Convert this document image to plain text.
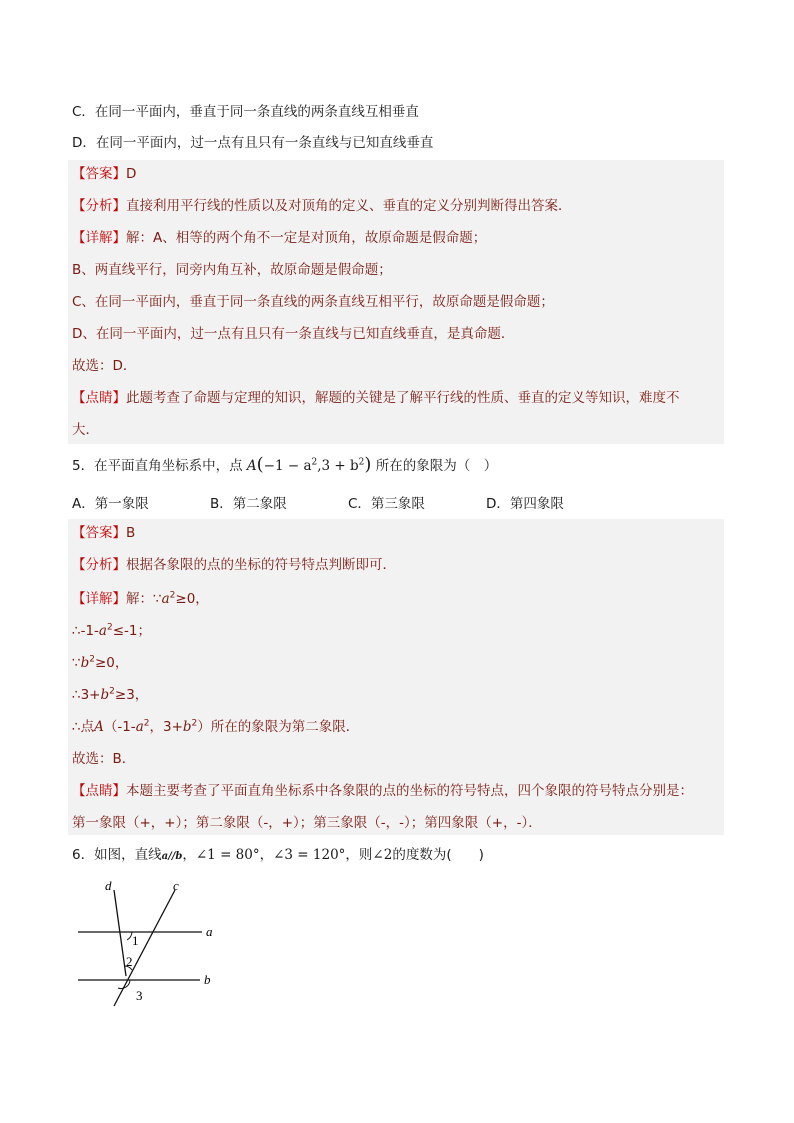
C．在同一平面内，垂直于同一条直线的两条直线互相垂直
D．在同一平面内，过一点有且只有一条直线与已知直线垂直
【答案】D
【分析】直接利用平行线的性质以及对顶角的定义、垂直的定义分别判断得出答案．
【详解】解：A、相等的两个角不一定是对顶角，故原命题是假命题；
B、两直线平行，同旁内角互补，故原命题是假命题；
C、在同一平面内，垂直于同一条直线的两条直线互相平行，故原命题是假命题；
D、在同一平面内，过一点有且只有一条直线与已知直线垂直，是真命题．
故选：D．
【点睛】此题考查了命题与定理的知识，解题的关键是了解平行线的性质、垂直的定义等知识，难度不
大．
5．在平面直角坐标系中，点 $A(-1 - a^2,3 + b^2)$ 所在的象限为（　）
A．第一象限	B．第二象限	C．第三象限	D．第四象限
【答案】B
【分析】根据各象限的点的坐标的符号特点判断即可．
【详解】解：$\because a^2\ge 0$，
$\therefore-1-a^2\le-1$；
$\because b^2\ge 0$，
$\therefore 3+b^2\ge 3$，
∴点$A(-1-a^2$，$3+b^2$）所在的象限为第二象限．
故选：B．
【点睛】本题主要考查了平面直角坐标系中各象限的点的坐标的符号特点，四个象限的符号特点分别是：
第一象限（+，+）；第二象限（-，+）；第三象限（-，-）；第四象限（+，-）．
6．如图，直线a//b，∠1 = 80°，∠3 = 120°，则∠2的度数为(　　)
d	c
a
b
1
2
3
